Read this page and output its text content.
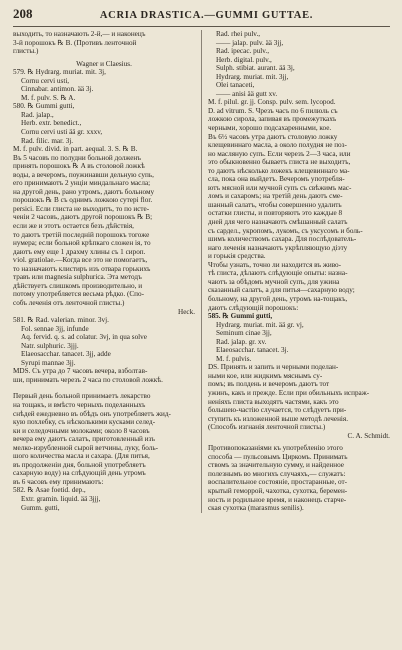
208	ACRIA DRASTICA.—GUMMI GUTTAE.
выходить, то назначають 2-й,— и наконецъ
3-й порошокъ ℞ В. (Противъ ленточной
глисты.)
Wagner и Claesius.
579. ℞ Hydrarg. muriat. mit. 3j,
Cornu cervi usti,
Cinnabar. antimon. ää 3j.
M. f. pulv. S. ℞ A.
580. ℞ Gummi gutti,
Rad. jalap.,
Herb. extr. benedict.,
Cornu cervi usti ää gr. xxxv,
Rad. filic. mar. 3j.
M. f. pulv. divid. in part. aequal. 3. S. ℞ B.
Въ 5 часовъ по полудни больной долженъ
принять порошокъ ℞ A въ столовой ложкѣ
воды, а вечеромъ, поужинавши дельную супь,
его принимаютъ 2 унціи миндальнаго масла;
на другой день, рано утромъ, даютъ больному
порошокъ ℞ В съ однимъ ложкою сутерi flor.
persici. Если глиста не выходитъ, то по исте-
ченіи 2 часовъ, даютъ другой порошокъ ℞ В;
если же и этотъ остается безъ дѣйствія,
то даютъ третій последній порошокъ тогоже
нумера; если больной крѣпкаго сложен ія, то
даютъ ему еще 1 драхму хлины съ 1 сироп.
ѵіоl. gratiolae.—Когда все это не помогаетъ,
то назначаютъ клистиръ изъ отвара горькихъ
травъ или magnesia sulphurica. Эта методъ
дѣйствуетъ слишкомъ производительно, и
потому употребляется весьма рѣдко. (Спо-
собъ леченія отъ ленточной глисты.)
Heck.
581. ℞ Rad. valerian. minor. 3vj.
Fol. sennae 3jj, infunde
Aq. fervid. q. s. ad colatur. 3vj, in qua solve
Natr. sulphuric. 3jjj.
Elaeosacchar. tanacet. 3jj, adde
Syrupi mannae 3jj.
MDS. Съ утра до 7 часовъ вечера, взболтав-
ши, принимать черезъ 2 часа по столовой ложкѣ.
Первый день больной принимаетъ лекарство
на тощакъ, и вмѣсто черныхъ поделанныхъ
снѣдей ежедневно въ обѣдъ онъ употребляетъ жид-
кую похлебку, съ нѣсколькими кусками селед-
ки и селедочными молоками; около 8 часовъ
вечера ему даютъ салатъ, приготовленный изъ
мелко-изрубленной сырой ветчины, луку, боль-
шого количества масла и сахара. (Для питья,
въ продолженіи дня, больной употребляетъ
сахарную воду) на слѣдующій день утромъ
въ 6 часовъ ему принимаютъ:
582. ℞ Asae foetid. dep.,
Extr. gramin. liquid. ää 3jjj,
Gumm. gutti,
Rad. rhei pulv.,
—— jalap. pulv. ää 3jj,
Rad. ipecac. pulv.,
Herb. digital. pulv.,
Sulph. stibiat. aurant. ää 3j,
Hydrarg. muriat. mit. 3jj,
Olei tanaceti,
—— anisi ää gutt xv.
M. f. pilul. gr. jj. Consp. pulv. sem. lycopod.
D. ad vitrum. S. Чрезъ часъ по 6 пилюль съ
ложкою сирола, запивая въ промежуткахъ
черными, хорошо подсахаренными, кое.
Въ 6½ часовъ утра даютъ столовую ложку
клещевиннаго масла, а около полудня не поз-
но масляную супъ. Если черезъ 2—3 часа, или
это обыкновенно бываетъ глиста не выходитъ,
то даютъ нѣсколько ложекъ клещевиннаго ма-
сла, пока она выйдетъ. Вечеромъ употребля-
ютъ мясной или мучной супъ съ свѣжимъ мас-
ломъ и сахаромъ; на третій день даютъ сме-
шанный салатъ, чтобы совершенно удалить
остатки глисты, и повторяютъ это каждые 8
дней для чего назначаютъ смѣшанный салатъ
съ сардел., укропомъ, лукомъ, съ уксусомъ и боль-
шимъ количествомъ сахара. Для послѣдователь-
наго леченія назначаютъ укрѣпляющую діэту
и горькія средства.
Чтобы узнать, точно ли находится въ живо-
тѣ глиста, дѣлаютъ слѣдующіе опыты: назна-
чаютъ за обѣдомъ мучной супъ, для ужина
сказанный салатъ, а для питья—сахарную воду;
больному, на другой день, утромъ на-тощакъ,
даютъ слѣдующій порошокъ:
585. ℞ Gummi gutti,
Hydrarg. muriat. mit. ää gr. vj,
Seminum cinae 3jj,
Rad. jalap. gr. xv.
Elaeosacchar. tanacet. 3j.
M. f. pulvis.
DS. Принять и запить и черными поделан-
ными кое, или жидкимъ мяснымъ су-
помъ; въ полдень и вечеромъ даютъ тот
ужинъ, какъ и прежде. Если при обильныхъ испраж-
неніяхъ глиста выходятъ частями, какъ это
большею-частію случается, то слѣдуетъ при-
ступить къ изложенной выше методѣ леченія.
(Способъ изгнанія ленточной глисты.)
C. A. Schmidt.
Противопоказаніями къ употребленію этого
способа — пульсовымъ Циркомъ. Принимать
ствомъ за значительную сумму, и найденное
полезнымъ во многихъ случаяхъ,— служатъ:
воспалительное состояніе, простаранные, от-
крытый геморрой, чахотка, сухотка, беремен-
ность и родильное время, и наконецъ старче-
ская сухотка (marasmus senilis).
